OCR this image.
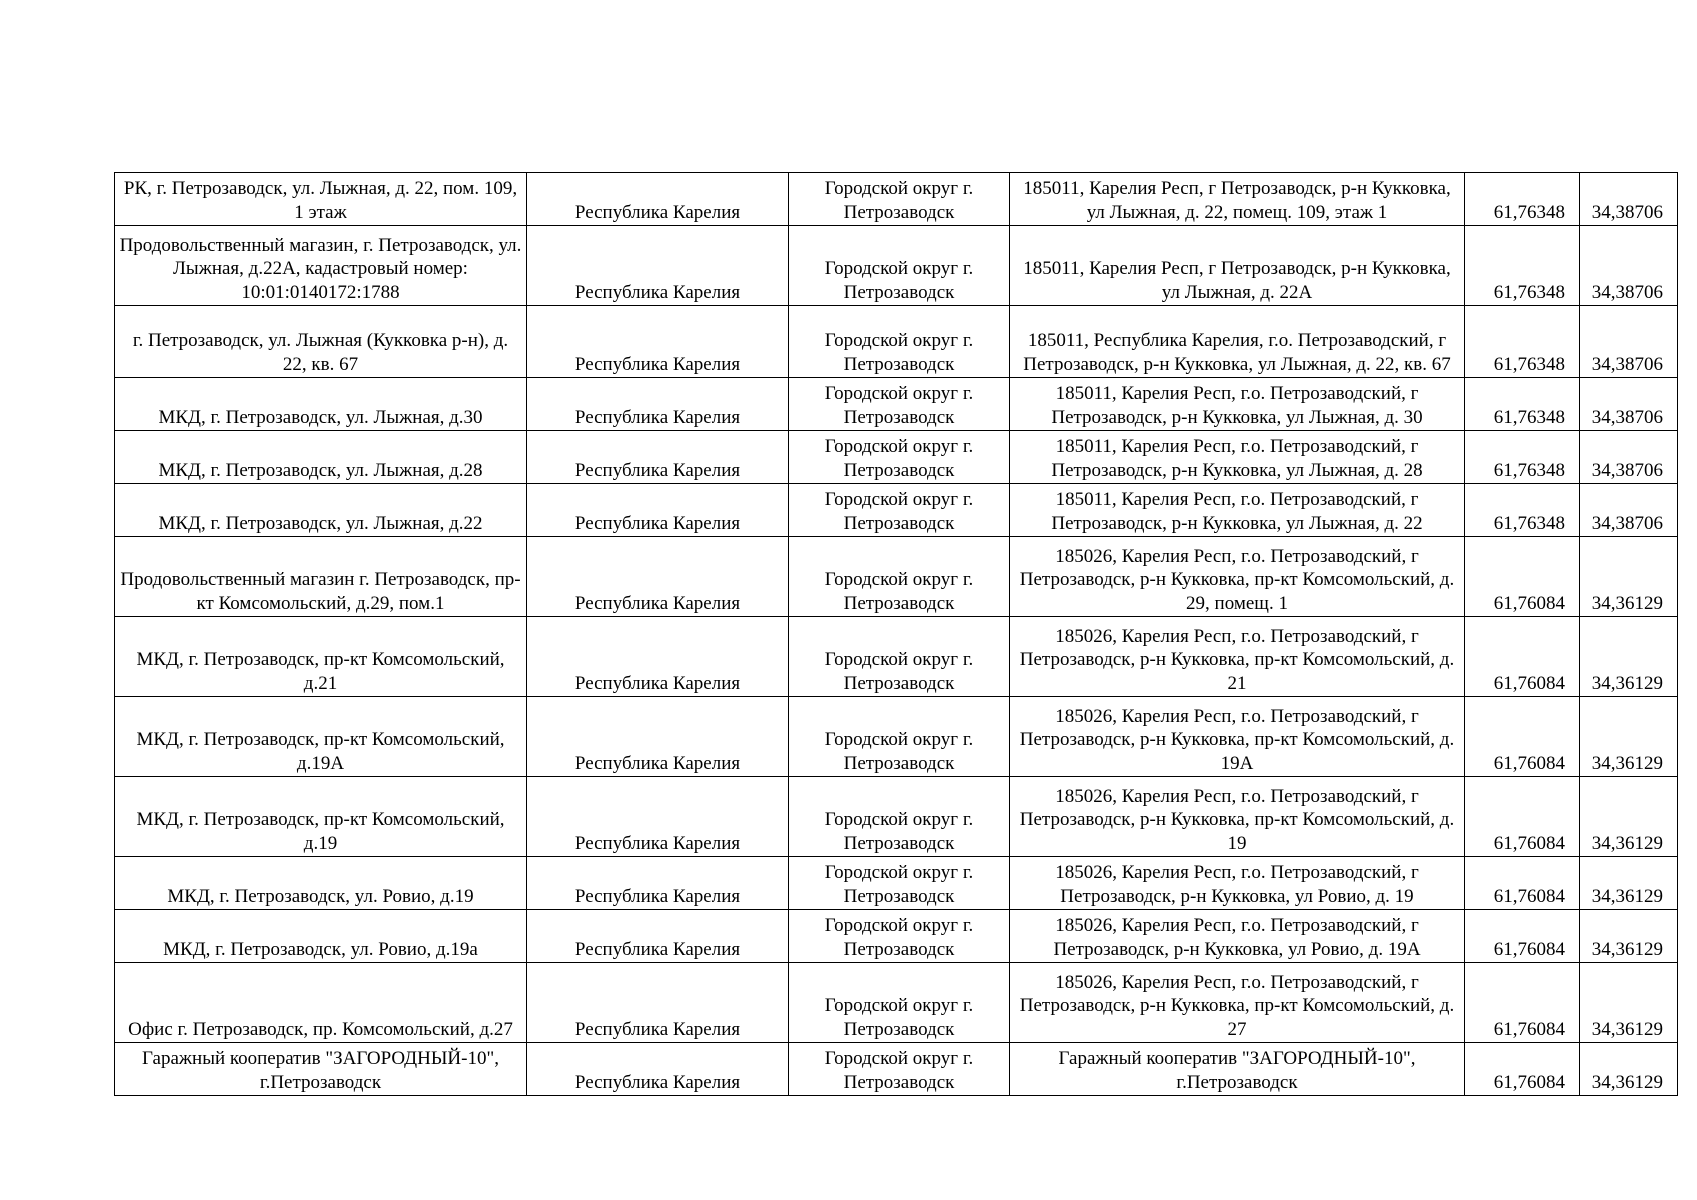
РК, г. Петрозаводск, ул. Лыжная, д. 22, пом. 109, 1 этаж	Республика Карелия	Городской округ г. Петрозаводск	185011, Карелия Респ, г Петрозаводск, р-н Кукковка, ул Лыжная, д. 22, помещ. 109, этаж 1	61,76348	34,38706
Продовольственный магазин, г. Петрозаводск, ул. Лыжная, д.22А, кадастровый номер: 10:01:0140172:1788	Республика Карелия	Городской округ г. Петрозаводск	185011, Карелия Респ, г Петрозаводск, р-н Кукковка, ул Лыжная, д. 22А	61,76348	34,38706
г. Петрозаводск, ул. Лыжная (Кукковка р-н), д. 22, кв. 67	Республика Карелия	Городской округ г. Петрозаводск	185011, Республика Карелия, г.о. Петрозаводский, г Петрозаводск, р-н Кукковка, ул Лыжная, д. 22, кв. 67	61,76348	34,38706
МКД, г. Петрозаводск, ул. Лыжная, д.30	Республика Карелия	Городской округ г. Петрозаводск	185011, Карелия Респ, г.о. Петрозаводский, г Петрозаводск, р-н Кукковка, ул Лыжная, д. 30	61,76348	34,38706
МКД, г. Петрозаводск, ул. Лыжная, д.28	Республика Карелия	Городской округ г. Петрозаводск	185011, Карелия Респ, г.о. Петрозаводский, г Петрозаводск, р-н Кукковка, ул Лыжная, д. 28	61,76348	34,38706
МКД, г. Петрозаводск, ул. Лыжная, д.22	Республика Карелия	Городской округ г. Петрозаводск	185011, Карелия Респ, г.о. Петрозаводский, г Петрозаводск, р-н Кукковка, ул Лыжная, д. 22	61,76348	34,38706
Продовольственный магазин г. Петрозаводск, пр-кт Комсомольский, д.29, пом.1	Республика Карелия	Городской округ г. Петрозаводск	185026, Карелия Респ, г.о. Петрозаводский, г Петрозаводск, р-н Кукковка, пр-кт Комсомольский, д. 29, помещ. 1	61,76084	34,36129
МКД, г. Петрозаводск, пр-кт Комсомольский, д.21	Республика Карелия	Городской округ г. Петрозаводск	185026, Карелия Респ, г.о. Петрозаводский, г Петрозаводск, р-н Кукковка, пр-кт Комсомольский, д. 21	61,76084	34,36129
МКД, г. Петрозаводск, пр-кт Комсомольский, д.19А	Республика Карелия	Городской округ г. Петрозаводск	185026, Карелия Респ, г.о. Петрозаводский, г Петрозаводск, р-н Кукковка, пр-кт Комсомольский, д. 19А	61,76084	34,36129
МКД, г. Петрозаводск, пр-кт Комсомольский, д.19	Республика Карелия	Городской округ г. Петрозаводск	185026, Карелия Респ, г.о. Петрозаводский, г Петрозаводск, р-н Кукковка, пр-кт Комсомольский, д. 19	61,76084	34,36129
МКД, г. Петрозаводск, ул. Ровио, д.19	Республика Карелия	Городской округ г. Петрозаводск	185026, Карелия Респ, г.о. Петрозаводский, г Петрозаводск, р-н Кукковка, ул Ровио, д. 19	61,76084	34,36129
МКД, г. Петрозаводск, ул. Ровио, д.19а	Республика Карелия	Городской округ г. Петрозаводск	185026, Карелия Респ, г.о. Петрозаводский, г Петрозаводск, р-н Кукковка, ул Ровио, д. 19А	61,76084	34,36129
Офис г. Петрозаводск, пр. Комсомольский, д.27	Республика Карелия	Городской округ г. Петрозаводск	185026, Карелия Респ, г.о. Петрозаводский, г Петрозаводск, р-н Кукковка, пр-кт Комсомольский, д. 27	61,76084	34,36129
Гаражный кооператив "ЗАГОРОДНЫЙ-10", г.Петрозаводск	Республика Карелия	Городской округ г. Петрозаводск	Гаражный кооператив "ЗАГОРОДНЫЙ-10", г.Петрозаводск	61,76084	34,36129
